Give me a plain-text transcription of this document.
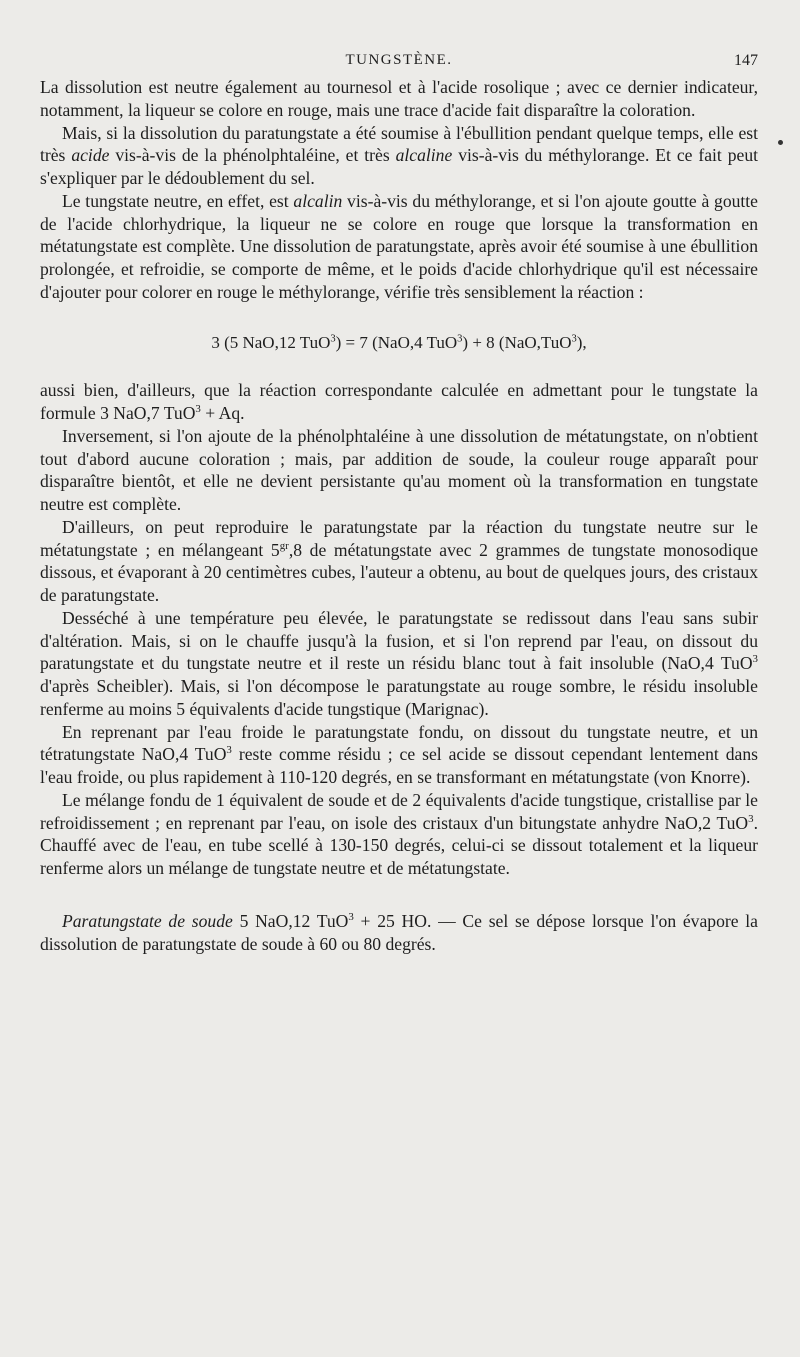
TUNGSTÈNE.	147

La dissolution est neutre également au tournesol et à l'acide rosolique ; avec ce dernier indicateur, notamment, la liqueur se colore en rouge, mais une trace d'acide fait disparaître la coloration.

Mais, si la dissolution du paratungstate a été soumise à l'ébullition pendant quelque temps, elle est très acide vis-à-vis de la phénolphtaléine, et très alcaline vis-à-vis du méthylorange. Et ce fait peut s'expliquer par le dédoublement du sel.

Le tungstate neutre, en effet, est alcalin vis-à-vis du méthylorange, et si l'on ajoute goutte à goutte de l'acide chlorhydrique, la liqueur ne se colore en rouge que lorsque la transformation en métatungstate est complète. Une dissolution de paratungstate, après avoir été soumise à une ébullition prolongée, et refroidie, se comporte de même, et le poids d'acide chlorhydrique qu'il est nécessaire d'ajouter pour colorer en rouge le méthylorange, vérifie très sensiblement la réaction :

3 (5 NaO,12 TuO$^3$) = 7 (NaO,4 TuO$^3$) + 8 (NaO,TuO$^3$),

aussi bien, d'ailleurs, que la réaction correspondante calculée en admettant pour le tungstate la formule 3 NaO,7 TuO$^3$ + Aq.

Inversement, si l'on ajoute de la phénolphtaléine à une dissolution de métatungstate, on n'obtient tout d'abord aucune coloration ; mais, par addition de soude, la couleur rouge apparaît pour disparaître bientôt, et elle ne devient persistante qu'au moment où la transformation en tungstate neutre est complète.

D'ailleurs, on peut reproduire le paratungstate par la réaction du tungstate neutre sur le métatungstate ; en mélangeant $5^{gr},8$ de métatungstate avec 2 grammes de tungstate monosodique dissous, et évaporant à 20 centimètres cubes, l'auteur a obtenu, au bout de quelques jours, des cristaux de paratungstate.

Desséché à une température peu élevée, le paratungstate se redissout dans l'eau sans subir d'altération. Mais, si on le chauffe jusqu'à la fusion, et si l'on reprend par l'eau, on dissout du paratungstate et du tungstate neutre et il reste un résidu blanc tout à fait insoluble (NaO,4 TuO$^3$ d'après Scheibler). Mais, si l'on décompose le paratungstate au rouge sombre, le résidu insoluble renferme au moins 5 équivalents d'acide tungstique (Marignac).

En reprenant par l'eau froide le paratungstate fondu, on dissout du tungstate neutre, et un tétratungstate NaO,4 TuO$^3$ reste comme résidu ; ce sel acide se dissout cependant lentement dans l'eau froide, ou plus rapidement à 110-120 degrés, en se transformant en métatungstate (von Knorre).

Le mélange fondu de 1 équivalent de soude et de 2 équivalents d'acide tungstique, cristallise par le refroidissement ; en reprenant par l'eau, on isole des cristaux d'un bitungstate anhydre NaO,2 TuO$^3$. Chauffé avec de l'eau, en tube scellé à 130-150 degrés, celui-ci se dissout totalement et la liqueur renferme alors un mélange de tungstate neutre et de métatungstate.

Paratungstate de soude 5 NaO,12 TuO$^3$ + 25 HO. — Ce sel se dépose lorsque l'on évapore la dissolution de paratungstate de soude à 60 ou 80 degrés.
